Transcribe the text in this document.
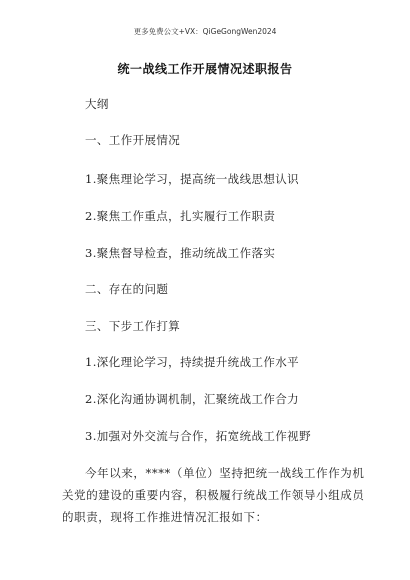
更多免费公文+VX：QiGeGongWen2024
统一战线工作开展情况述职报告
大纲
一、工作开展情况
1.聚焦理论学习，提高统一战线思想认识
2.聚焦工作重点，扎实履行工作职责
3.聚焦督导检查，推动统战工作落实
二、存在的问题
三、下步工作打算
1.深化理论学习，持续提升统战工作水平
2.深化沟通协调机制，汇聚统战工作合力
3.加强对外交流与合作，拓宽统战工作视野
今年以来，****（单位）坚持把统一战线工作作为机
关党的建设的重要内容，积极履行统战工作领导小组成员
的职责，现将工作推进情况汇报如下：
